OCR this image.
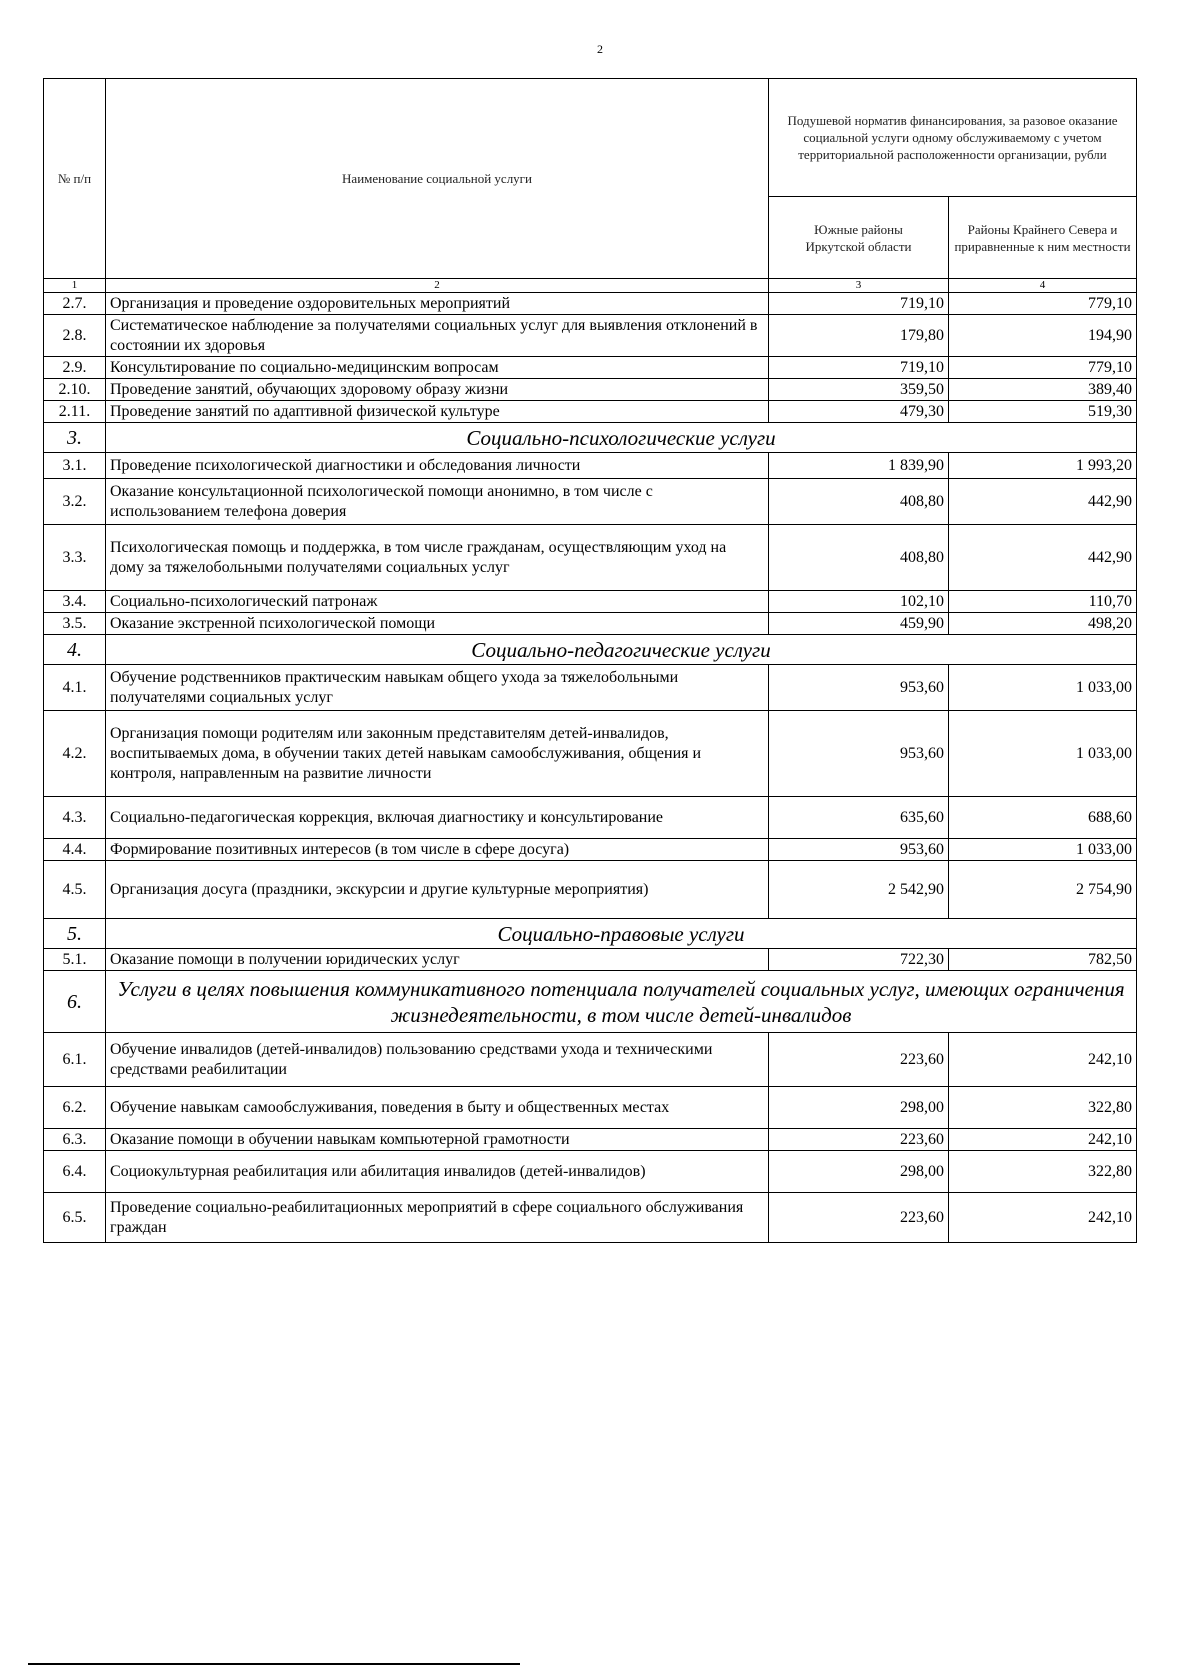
2
№ п/п	Наименование социальной услуги	Подушевой норматив финансирования, за разовое оказание социальной услуги одному обслуживаемому с учетом территориальной расположенности организации, рубли	
		Южные районы Иркутской области	Районы Крайнего Севера и приравненные к ним местности
1	2	3	4
2.7.	Организация и проведение оздоровительных мероприятий	719,10	779,10
2.8.	Систематическое наблюдение за получателями социальных услуг для выявления отклонений в состоянии их здоровья	179,80	194,90
2.9.	Консультирование по социально-медицинским вопросам	719,10	779,10
2.10.	Проведение занятий, обучающих здоровому образу жизни	359,50	389,40
2.11.	Проведение занятий по адаптивной физической культуре	479,30	519,30
3.	Социально-психологические услуги		
3.1.	Проведение психологической диагностики и обследования личности	1 839,90	1 993,20
3.2.	Оказание консультационной психологической помощи анонимно, в том числе с использованием телефона доверия	408,80	442,90
3.3.	Психологическая помощь и поддержка, в том числе гражданам, осуществляющим уход на дому за тяжелобольными получателями социальных услуг	408,80	442,90
3.4.	Социально-психологический патронаж	102,10	110,70
3.5.	Оказание экстренной психологической помощи	459,90	498,20
4.	Социально-педагогические услуги		
4.1.	Обучение родственников практическим навыкам общего ухода за тяжелобольными получателями социальных услуг	953,60	1 033,00
4.2.	Организация помощи родителям или законным представителям детей-инвалидов, воспитываемых дома, в обучении таких детей навыкам самообслуживания, общения и контроля, направленным на развитие личности	953,60	1 033,00
4.3.	Социально-педагогическая коррекция, включая диагностику и консультирование	635,60	688,60
4.4.	Формирование позитивных интересов (в том числе в сфере досуга)	953,60	1 033,00
4.5.	Организация досуга (праздники, экскурсии и другие культурные мероприятия)	2 542,90	2 754,90
5.	Социально-правовые услуги		
5.1.	Оказание помощи в получении юридических услуг	722,30	782,50
6.	Услуги в целях повышения коммуникативного потенциала получателей социальных услуг, имеющих ограничения жизнедеятельности, в том числе детей-инвалидов		
6.1.	Обучение инвалидов (детей-инвалидов) пользованию средствами ухода и техническими средствами реабилитации	223,60	242,10
6.2.	Обучение навыкам самообслуживания, поведения в быту и общественных местах	298,00	322,80
6.3.	Оказание помощи в обучении навыкам компьютерной грамотности	223,60	242,10
6.4.	Социокультурная реабилитация или абилитация инвалидов (детей-инвалидов)	298,00	322,80
6.5.	Проведение социально-реабилитационных мероприятий в сфере социального обслуживания граждан	223,60	242,10
